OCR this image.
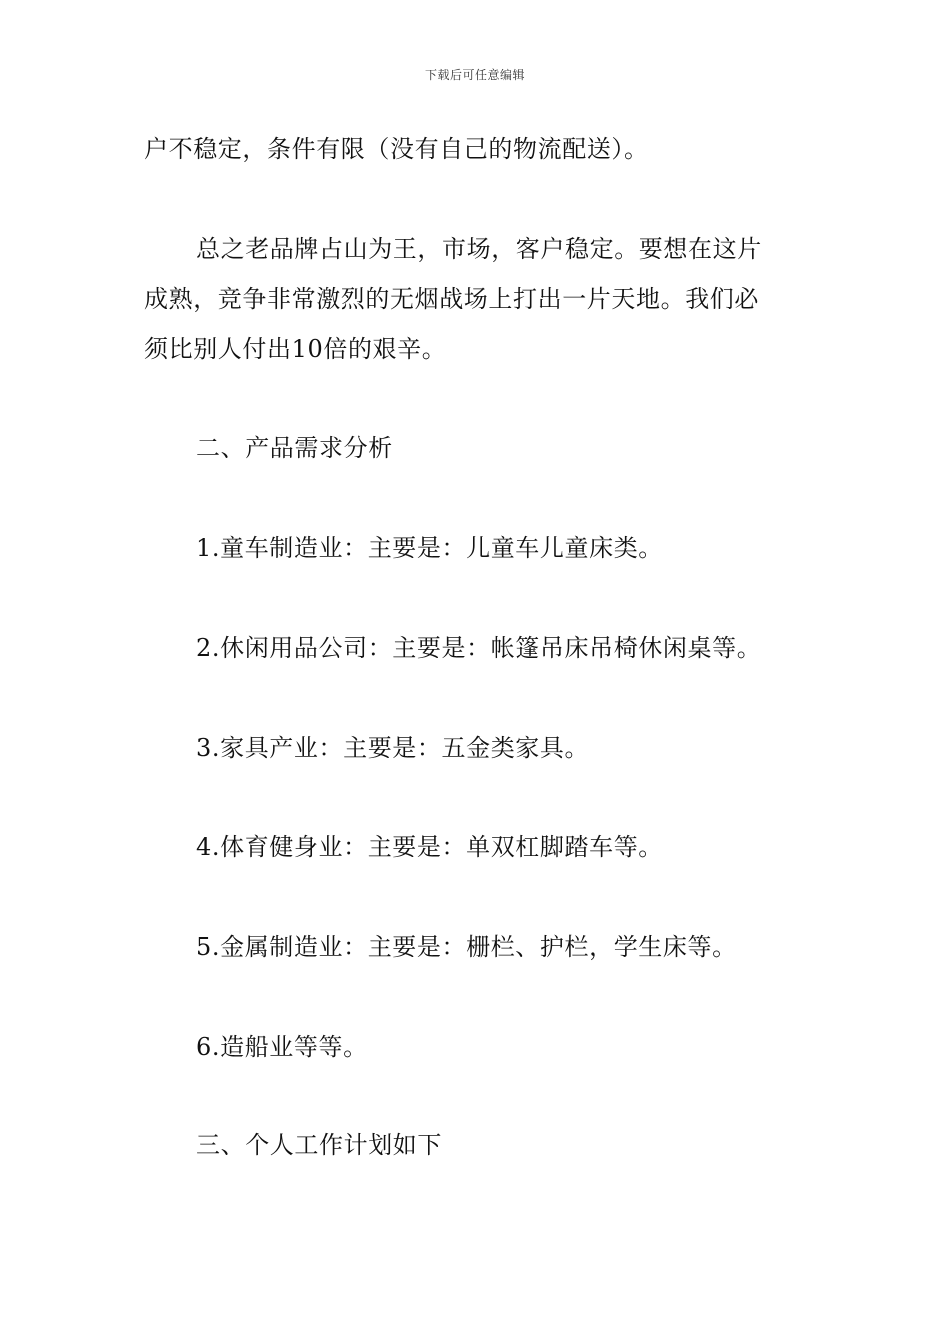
下载后可任意编辑
户不稳定，条件有限（没有自己的物流配送）。
总之老品牌占山为王，市场，客户稳定。要想在这片
成熟，竞争非常激烈的无烟战场上打出一片天地。我们必
须比别人付出10倍的艰辛。
二、产品需求分析
1.童车制造业：主要是：儿童车儿童床类。
2.休闲用品公司：主要是：帐篷吊床吊椅休闲桌等。
3.家具产业：主要是：五金类家具。
4.体育健身业：主要是：单双杠脚踏车等。
5.金属制造业：主要是：栅栏、护栏，学生床等。
6.造船业等等。
三、个人工作计划如下
